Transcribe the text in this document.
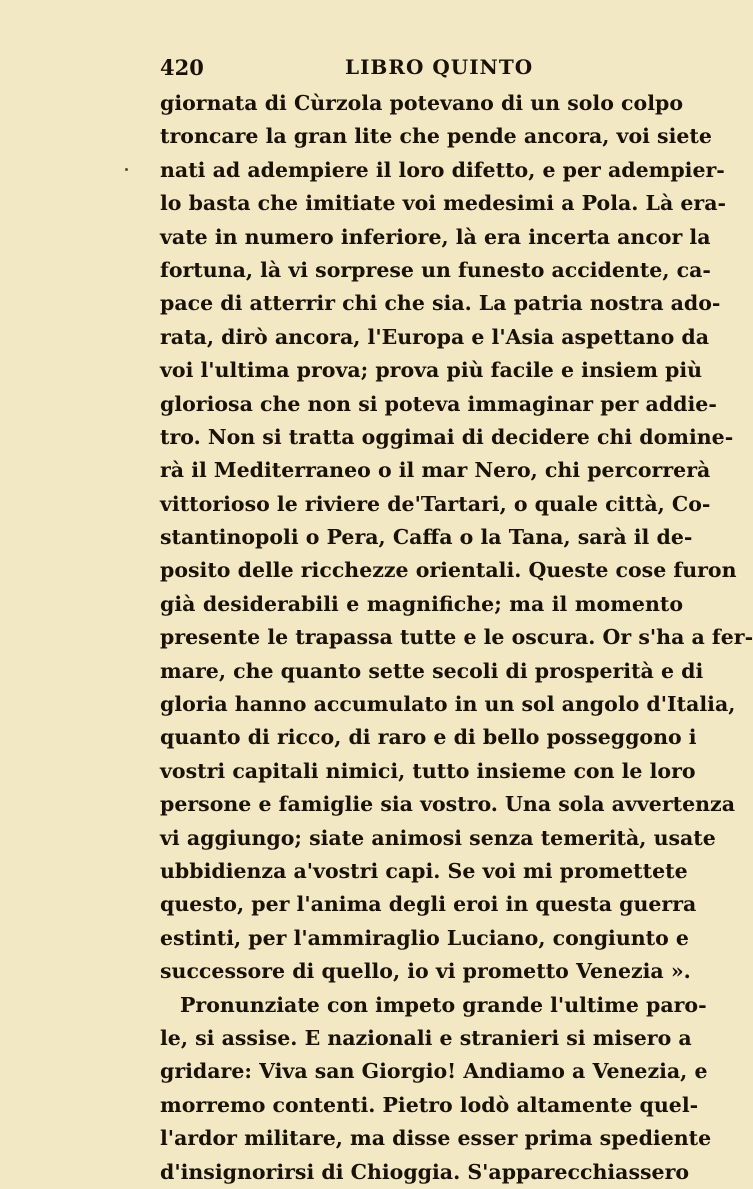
420	LIBRO QUINTO
giornata di Cùrzola potevano di un solo colpo
troncare la gran lite che pende ancora, voi siete
nati ad adempiere il loro difetto, e per adempier-
lo basta che imitiate voi medesimi a Pola. Là era-
vate in numero inferiore, là era incerta ancor la
fortuna, là vi sorprese un funesto accidente, ca-
pace di atterrir chi che sia. La patria nostra ado-
rata, dirò ancora, l'Europa e l'Asia aspettano da
voi l'ultima prova; prova più facile e insiem più
gloriosa che non si poteva immaginar per addie-
tro. Non si tratta oggimai di decidere chi domine-
rà il Mediterraneo o il mar Nero, chi percorrerà
vittorioso le riviere de'Tartari, o quale città, Co-
stantinopoli o Pera, Caffa o la Tana, sarà il de-
posito delle ricchezze orientali. Queste cose furon
già desiderabili e magnifiche; ma il momento
presente le trapassa tutte e le oscura. Or s'ha a fer-
mare, che quanto sette secoli di prosperità e di
gloria hanno accumulato in un sol angolo d'Italia,
quanto di ricco, di raro e di bello posseggono i
vostri capitali nimici, tutto insieme con le loro
persone e famiglie sia vostro. Una sola avvertenza
vi aggiungo; siate animosi senza temerità, usate
ubbidienza a'vostri capi. Se voi mi promettete
questo, per l'anima degli eroi in questa guerra
estinti, per l'ammiraglio Luciano, congiunto e
successore di quello, io vi prometto Venezia ».
Pronunziate con impeto grande l'ultime paro-
le, si assise. E nazionali e stranieri si misero a
gridare: Viva san Giorgio! Andiamo a Venezia, e
morremo contenti. Pietro lodò altamente quel-
l'ardor militare, ma disse esser prima spediente
d'insignorirsi di Chioggia. S'apparecchiassero
